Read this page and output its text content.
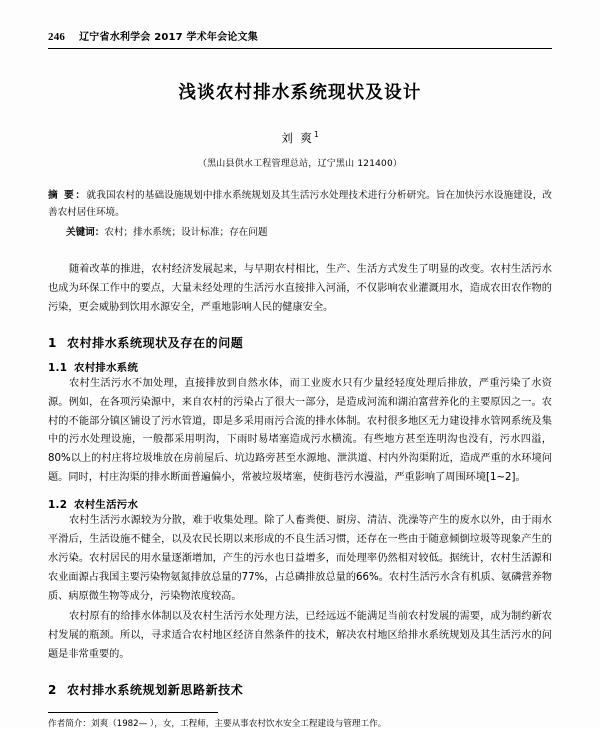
246 辽宁省水利学会 2017 学术年会论文集
浅谈农村排水系统现状及设计
刘 爽$^1$
（黑山县供水工程管理总站，辽宁黑山 121400）
摘 要：就我国农村的基础设施规划中排水系统规划及其生活污水处理技术进行分析研究。旨在加快污水设施建设，改善农村居住环境。
关键词：农村；排水系统；设计标准；存在问题

随着改革的推进，农村经济发展起来，与早期农村相比，生产、生活方式发生了明显的改变。农村生活污水也成为环保工作中的要点，大量未经处理的生活污水直接排入河涌，不仅影响农业灌溉用水，造成农田农作物的污染，更会威胁到饮用水源安全，严重地影响人民的健康安全。

1 农村排水系统现状及存在的问题
1.1 农村排水系统

农村生活污水不加处理，直接排放到自然水体，而工业废水只有少量经轻度处理后排放，严重污染了水资源。例如，在各项污染源中，来自农村的污染占了很大一部分，是造成河流和湖泊富营养化的主要原因之一。农村的不能部分镇区铺设了污水管道，即是多采用雨污合流的排水体制。农村很多地区无力建设排水管网系统及集中的污水处理设施，一般都采用明沟，下雨时易堵塞造成污水横流。有些地方甚至连明沟也没有，污水四溢，80%以上的村庄将垃圾堆放在房前屋后、坑边路旁甚至水源地、泄洪道、村内外沟渠附近，造成严重的水环境问题。同时，村庄沟渠的排水断面普遍偏小，常被垃圾堵塞，使街巷污水漫溢，严重影响了周围环境[1~2]。

1.2 农村生活污水

农村生活污水源较为分散，难于收集处理。除了人畜粪便、厨房、清洁、洗澡等产生的废水以外，由于雨水平滑后，生活设施不健全，以及农民长期以来形成的不良生活习惯，还存在一些由于随意倾倒垃圾等现象产生的水污染。农村居民的用水量逐渐增加，产生的污水也日益增多，而处理率仍然相对较低。据统计，农村生活源和农业面源占我国主要污染物氨氮排放总量的77%，占总磷排放总量的66%。农村生活污水含有机质、氨磷营养物质、病原微生物等成分，污染物浓度较高。

农村原有的给排水体制以及农村生活污水处理方法，已经远远不能满足当前农村发展的需要，成为制约新农村发展的瓶颈。所以，寻求适合农村地区经济自然条件的技术，解决农村地区给排水系统规划及其生活污水的问题是非常重要的。

2 农村排水系统规划新思路新技术
作者简介：刘爽（1982— ），女，工程师，主要从事农村饮水安全工程建设与管理工作。
